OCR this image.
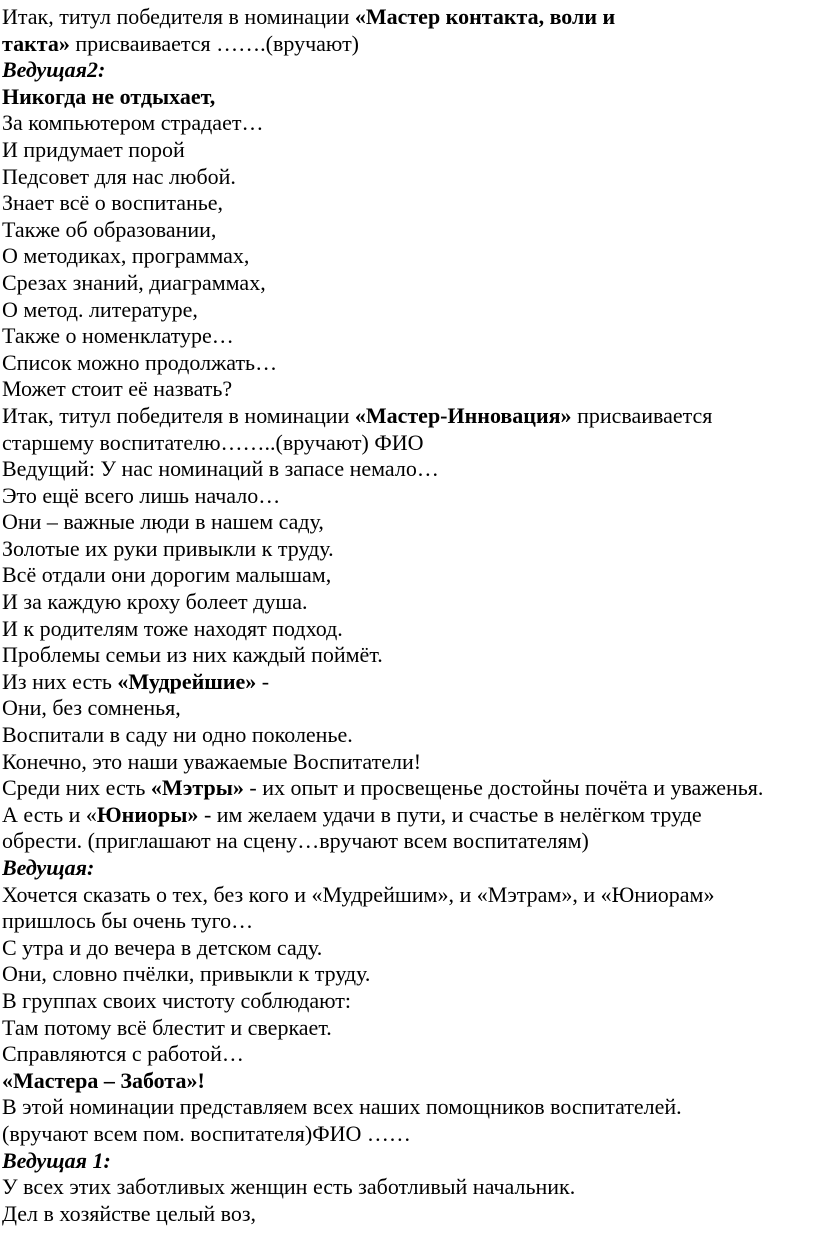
Итак, титул победителя в номинации «Мастер контакта, воли и
такта» присваивается …….(вручают)
Ведущая2:
Никогда не отдыхает,
За компьютером страдает…
И придумает порой
Педсовет для нас любой.
Знает всё о воспитанье,
Также об образовании,
О методиках, программах,
Срезах знаний, диаграммах,
О метод. литературе,
Также о номенклатуре…
Список можно продолжать…
Может стоит её назвать?
Итак, титул победителя в номинации «Мастер-Инновация» присваивается
старшему воспитателю……..(вручают) ФИО
Ведущий: У нас номинаций в запасе немало…
Это ещё всего лишь начало…
Они – важные люди в нашем саду,
Золотые их руки привыкли к труду.
Всё отдали они дорогим малышам,
И за каждую кроху болеет душа.
И к родителям тоже находят подход.
Проблемы семьи из них каждый поймёт.
Из них есть «Мудрейшие» -
Они, без сомненья,
Воспитали в саду ни одно поколенье.
Конечно, это наши уважаемые Воспитатели!
Среди них есть «Мэтры» - их опыт и просвещенье достойны почёта и уваженья.
А есть и «Юниоры» - им желаем удачи в пути, и счастье в нелёгком труде
обрести. (приглашают на сцену…вручают всем воспитателям)
Ведущая:
Хочется сказать о тех, без кого и «Мудрейшим», и «Мэтрам», и «Юниорам»
пришлось бы очень туго…
С утра и до вечера в детском саду.
Они, словно пчёлки, привыкли к труду.
В группах своих чистоту соблюдают:
Там потому всё блестит и сверкает.
Справляются с работой…
«Мастера – Забота»!
В этой номинации представляем всех наших помощников воспитателей.
(вручают всем пом. воспитателя)ФИО ……
Ведущая 1:
У всех этих заботливых женщин есть заботливый начальник.
Дел в хозяйстве целый воз,
